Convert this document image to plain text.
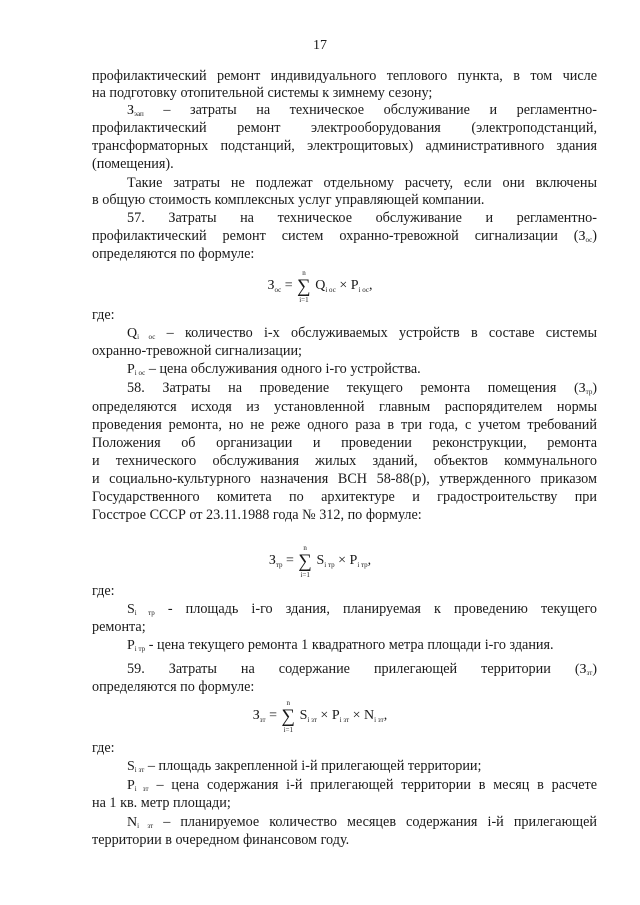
17
профилактический ремонт индивидуального теплового пункта, в том числе
на подготовку отопительной системы к зимнему сезону;
$З_{эап}$ – затраты на техническое обслуживание и регламентно-
профилактический ремонт электрооборудования (электроподстанций,
трансформаторных подстанций, электрощитовых) административного здания
(помещения).
Такие затраты не подлежат отдельному расчету, если они включены
в общую стоимость комплексных услуг управляющей компании.
57. Затраты на техническое обслуживание и регламентно-
профилактический ремонт систем охранно-тревожной сигнализации $(З_{ос})$
определяются по формуле:
$З_{ос}$ =
n
∑
i=1
$Q_{i ос} \times P_{i ос}$,
где:
$Q_{i ос}$ – количество i-х обслуживаемых устройств в составе системы
охранно-тревожной сигнализации;
$P_{i ос}$ – цена обслуживания одного i-го устройства.
58. Затраты на проведение текущего ремонта помещения $(З_{тр})$
определяются исходя из установленной главным распорядителем нормы
проведения ремонта, но не реже одного раза в три года, с учетом требований
Положения об организации и проведении реконструкции, ремонта
и технического обслуживания жилых зданий, объектов коммунального
и социально-культурного назначения ВСН 58-88(р), утвержденного приказом
Государственного комитета по архитектуре и градостроительству при
Госстрое СССР от 23.11.1988 года № 312, по формуле:
$З_{тр}$ =
n
∑
i=1
$S_{i тр} \times P_{i тр}$,
где:
$S_{i тр}$ - площадь i-го здания, планируемая к проведению текущего
ремонта;
$P_{i тр}$ - цена текущего ремонта 1 квадратного метра площади i-го здания.
59. Затраты на содержание прилегающей территории $(З_{зт})$
определяются по формуле:
$З_{зт}$ =
n
∑
i=1
$S_{i зт} \times P_{i зт} \times N_{i зт}$,
где:
$S_{i зт}$ – площадь закрепленной i-й прилегающей территории;
$P_{i зт}$ – цена содержания i-й прилегающей территории в месяц в расчете
на 1 кв. метр площади;
$N_{i зт}$ – планируемое количество месяцев содержания i-й прилегающей
территории в очередном финансовом году.
